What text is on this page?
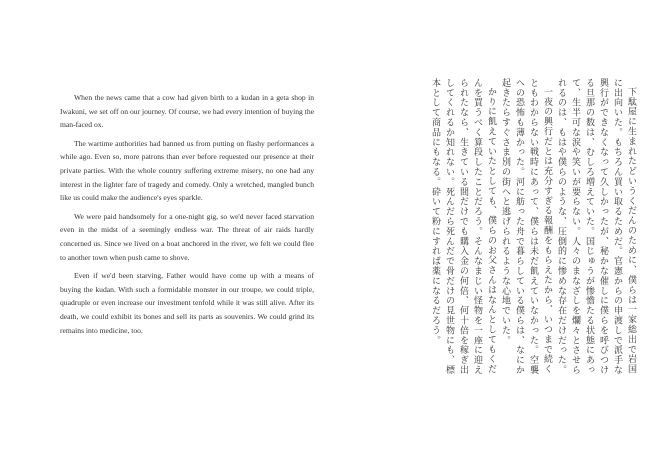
When the news came that a cow had given birth to a kudan in a geta shop in Iwakuni, we set off on our journey. Of course, we had every intention of buying the man-faced ox.

The wartime authorities had banned us from putting on flashy performances a while ago. Even so, more patrons than ever before requested our presence at their private parties. With the whole country suffering extreme misery, no one had any interest in the lighter fare of tragedy and comedy. Only a wretched, mangled bunch like us could make the audience's eyes sparkle.

We were paid handsomely for a one-night gig, so we'd never faced starvation even in the midst of a seemingly endless war. The threat of air raids hardly concerned us. Since we lived on a boat anchored in the river, we felt we could flee to another town when push came to shove.

Even if we'd been starving, Father would have come up with a means of buying the kudan. With such a formidable monster in our troupe, we could triple, quadruple or even increase our investment tenfold while it was still alive. After its death, we could exhibit its bones and sell its parts as souvenirs. We could grind its remains into medicine, too.	下駄屋に生まれたどいうくだんのために、僕らは一家総出で岩国に出向いた。もちろん買い取るためだ。官憲からの申渡しで派手な興行ができなくなって久しかったが、秘かな催しに僕らを呼びつける旦那の数は、むしろ増えていた。国じゅうが惨憺たる状態にあって、生半可な涙や笑いが要らない。人々のまなざしを爛々とさせられるのは、もはや僕らのような、圧倒的に惨めな存在だけだった。

一夜の興行だとは充分すぎる報酬をもらえたから、いつまで続くともわからない戦時にあって、僕らは未だ飢えていなかった。空襲への恐怖も薄かった。河に舫った舟で暮らしている僕らは、なにか起きたらすぐさま別の街へと逃げられるような心地でいた。

かりに飢えていたとしても、僕らのお父さんはなんとしてもくだんを買うべく算段したことだろう。そんなまじい怪物を一座に迎えられたなら、生きている間だけでも購入金の何倍、何十倍を稼ぎ出してくれるか知れない。死んだら死んだで骨だけの見世物にも、標本として商品にもなる。砕いて粉にすれば薬になるだろう。
